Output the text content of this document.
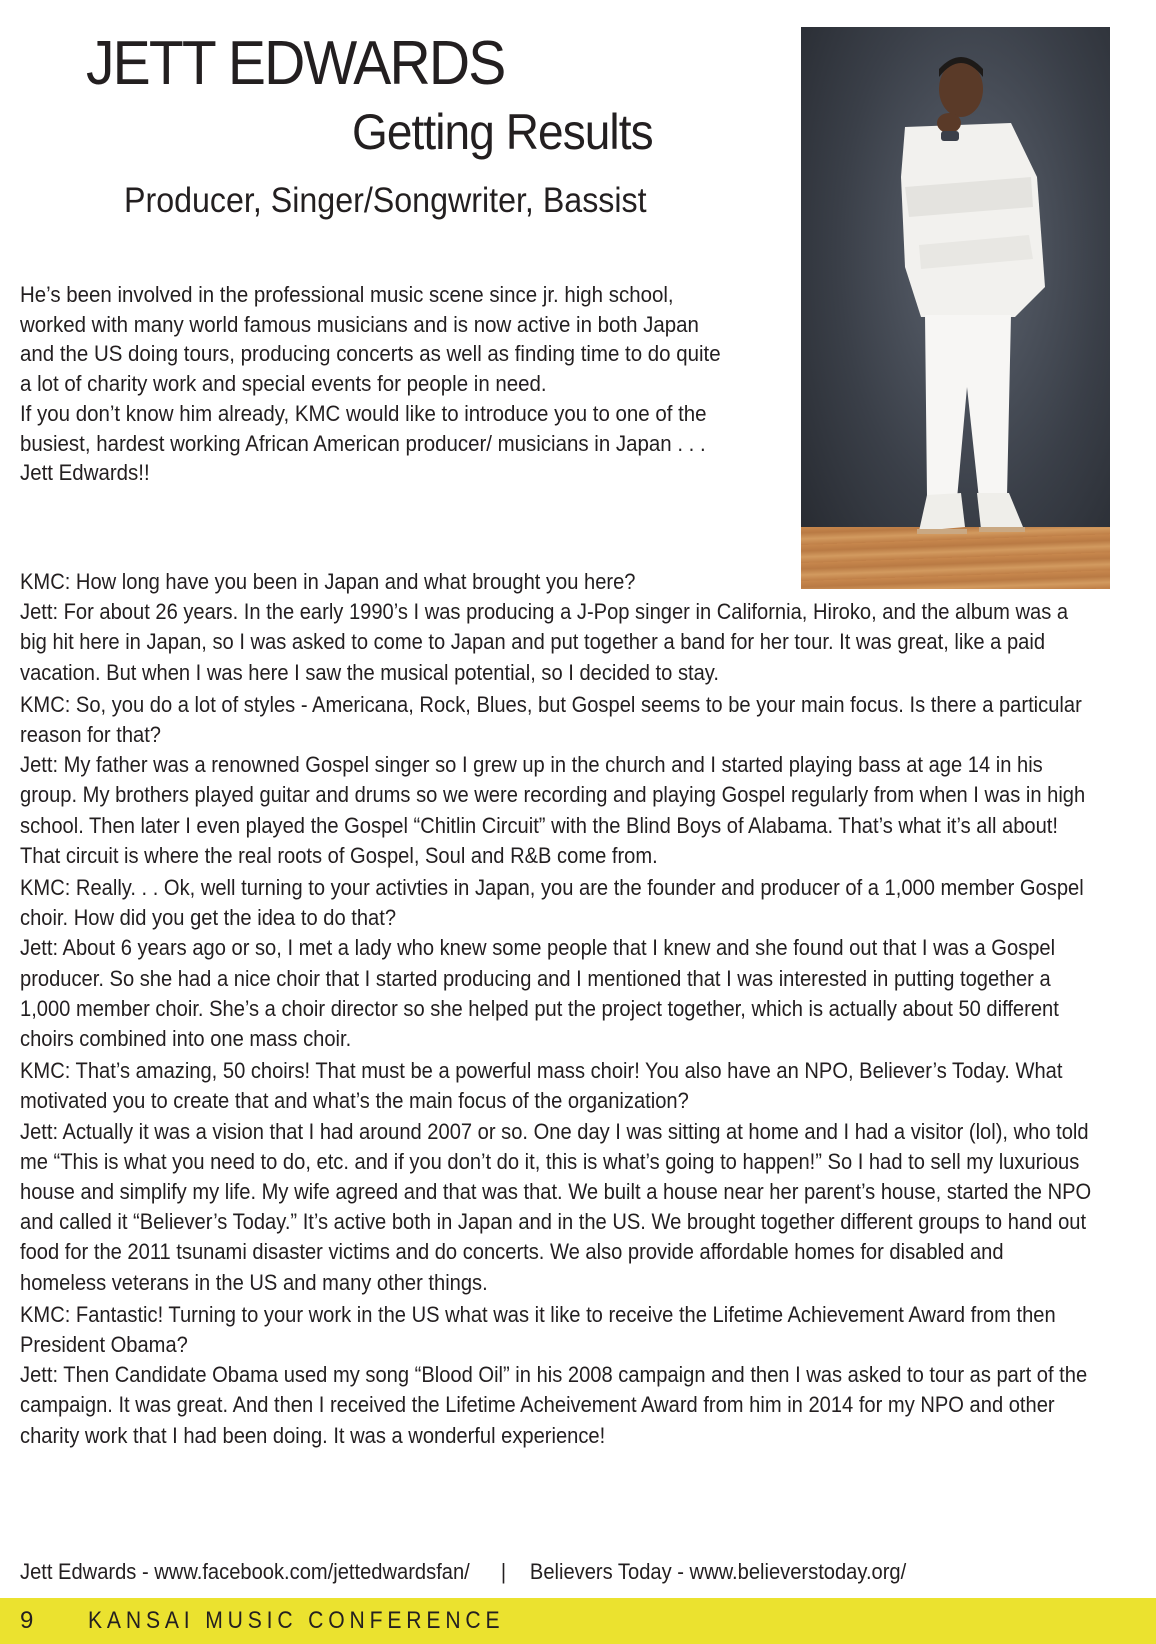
JETT EDWARDS
Getting Results
Producer, Singer/Songwriter, Bassist

He’s been involved in the professional music scene since jr. high school, worked with many world famous musicians and is now active in both Japan and the US doing tours, producing concerts as well as finding time to do quite a lot of charity work and special events for people in need.

If you don’t know him already, KMC would like to introduce you to one of the busiest, hardest working African American producer/ musicians in Japan . . . Jett Edwards!!

KMC: How long have you been in Japan and what brought you here?

Jett: For about 26 years. In the early 1990’s I was producing a J-Pop singer in California, Hiroko, and the album was a big hit here in Japan, so I was asked to come to Japan and put together a band for her tour. It was great, like a paid vacation. But when I was here I saw the musical potential, so I decided to stay.

KMC: So, you do a lot of styles - Americana, Rock, Blues, but Gospel seems to be your main focus. Is there a particular reason for that?

Jett: My father was a renowned Gospel singer so I grew up in the church and I started playing bass at age 14 in his group. My brothers played guitar and drums so we were recording and playing Gospel regularly from when I was in high school. Then later I even played the Gospel “Chitlin Circuit” with the Blind Boys of Alabama. That’s what it’s all about! That circuit is where the real roots of Gospel, Soul and R&B come from.

KMC: Really. . . Ok, well turning to your activties in Japan, you are the founder and producer of a 1,000 member Gospel choir. How did you get the idea to do that?

Jett: About 6 years ago or so, I met a lady who knew some people that I knew and she found out that I was a Gospel producer. So she had a nice choir that I started producing and I mentioned that I was interested in putting together a 1,000 member choir. She’s a choir director so she helped put the project together, which is actually about 50 different choirs combined into one mass choir.

KMC: That’s amazing, 50 choirs! That must be a powerful mass choir! You also have an NPO, Believer’s Today. What motivated you to create that and what’s the main focus of the organization?

Jett: Actually it was a vision that I had around 2007 or so. One day I was sitting at home and I had a visitor (lol), who told me “This is what you need to do, etc. and if you don’t do it, this is what’s going to happen!” So I had to sell my luxurious house and simplify my life. My wife agreed and that was that. We built a house near her parent’s house, started the NPO and called it “Believer’s Today.” It’s active both in Japan and in the US. We brought together different groups to hand out food for the 2011 tsunami disaster victims and do concerts. We also provide affordable homes for disabled and homeless veterans in the US and many other things.

KMC: Fantastic! Turning to your work in the US what was it like to receive the Lifetime Achievement Award from then President Obama?

Jett: Then Candidate Obama used my song “Blood Oil” in his 2008 campaign and then I was asked to tour as part of the campaign. It was great. And then I received the Lifetime Acheivement Award from him in 2014 for my NPO and other charity work that I had been doing. It was a wonderful experience!

Jett Edwards - www.facebook.com/jettedwardsfan/ | Believers Today - www.believerstoday.org/
9 KANSAI MUSIC CONFERENCE
